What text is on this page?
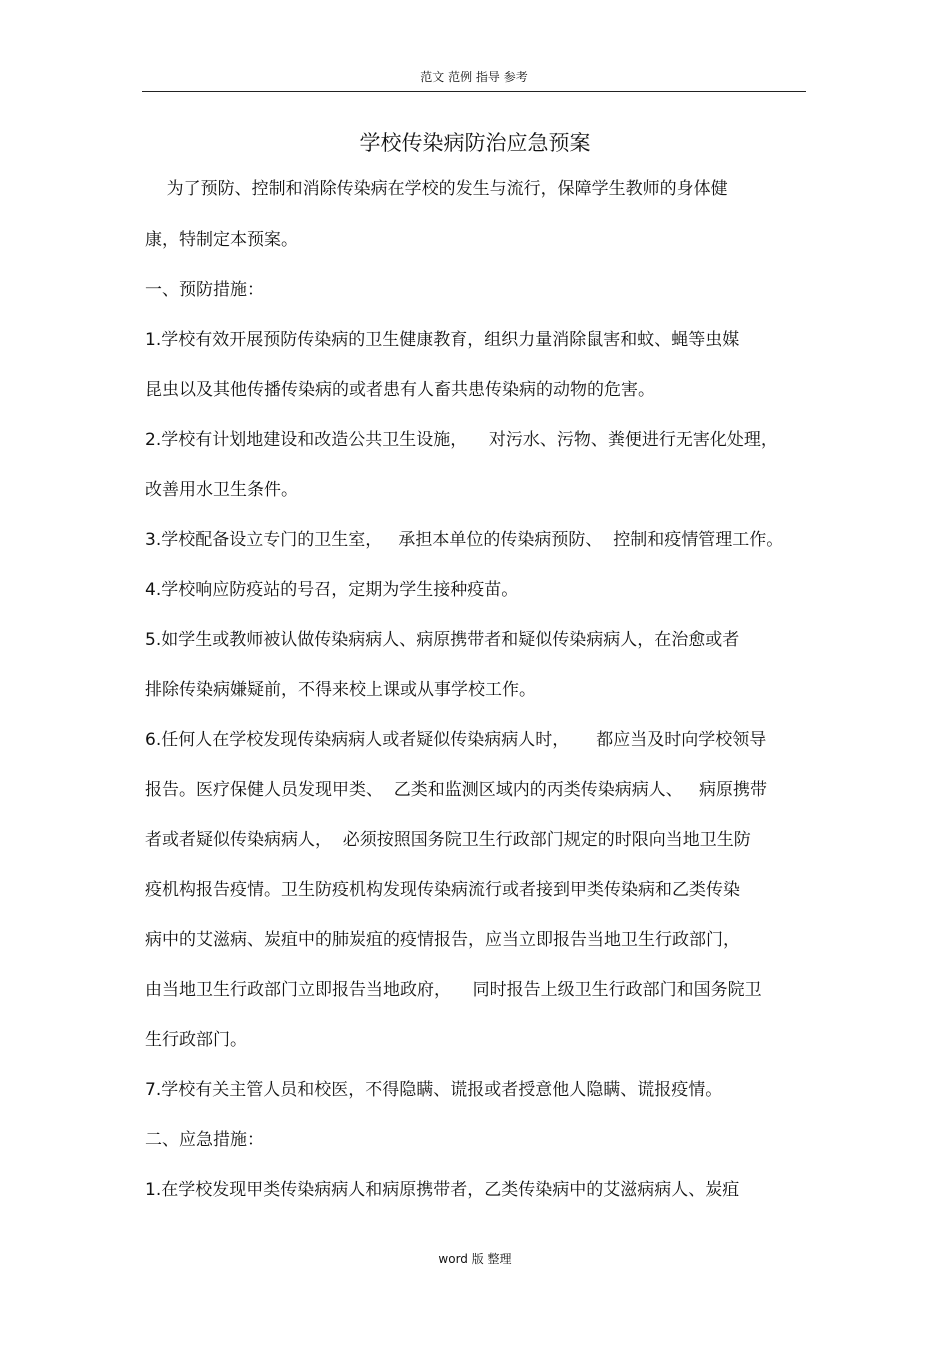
范文 范例 指导 参考
学校传染病防治应急预案
为了预防、控制和消除传染病在学校的发生与流行，保障学生教师的身体健
康，特制定本预案。
一、预防措施：
1.学校有效开展预防传染病的卫生健康教育，组织力量消除鼠害和蚊、蝇等虫媒
昆虫以及其他传播传染病的或者患有人畜共患传染病的动物的危害。
2.学校有计划地建设和改造公共卫生设施，    对污水、污物、粪便进行无害化处理，
改善用水卫生条件。
3.学校配备设立专门的卫生室，   承担本单位的传染病预防、  控制和疫情管理工作。
4.学校响应防疫站的号召，定期为学生接种疫苗。
5.如学生或教师被认做传染病病人、病原携带者和疑似传染病病人，在治愈或者
排除传染病嫌疑前，不得来校上课或从事学校工作。
6.任何人在学校发现传染病病人或者疑似传染病病人时，     都应当及时向学校领导
报告。医疗保健人员发现甲类、  乙类和监测区域内的丙类传染病病人、   病原携带
者或者疑似传染病病人，  必须按照国务院卫生行政部门规定的时限向当地卫生防
疫机构报告疫情。卫生防疫机构发现传染病流行或者接到甲类传染病和乙类传染
病中的艾滋病、炭疽中的肺炭疽的疫情报告，应当立即报告当地卫生行政部门，
由当地卫生行政部门立即报告当地政府，    同时报告上级卫生行政部门和国务院卫
生行政部门。
7.学校有关主管人员和校医，不得隐瞒、谎报或者授意他人隐瞒、谎报疫情。
二、应急措施：
1.在学校发现甲类传染病病人和病原携带者，乙类传染病中的艾滋病病人、炭疽
word 版 整理
